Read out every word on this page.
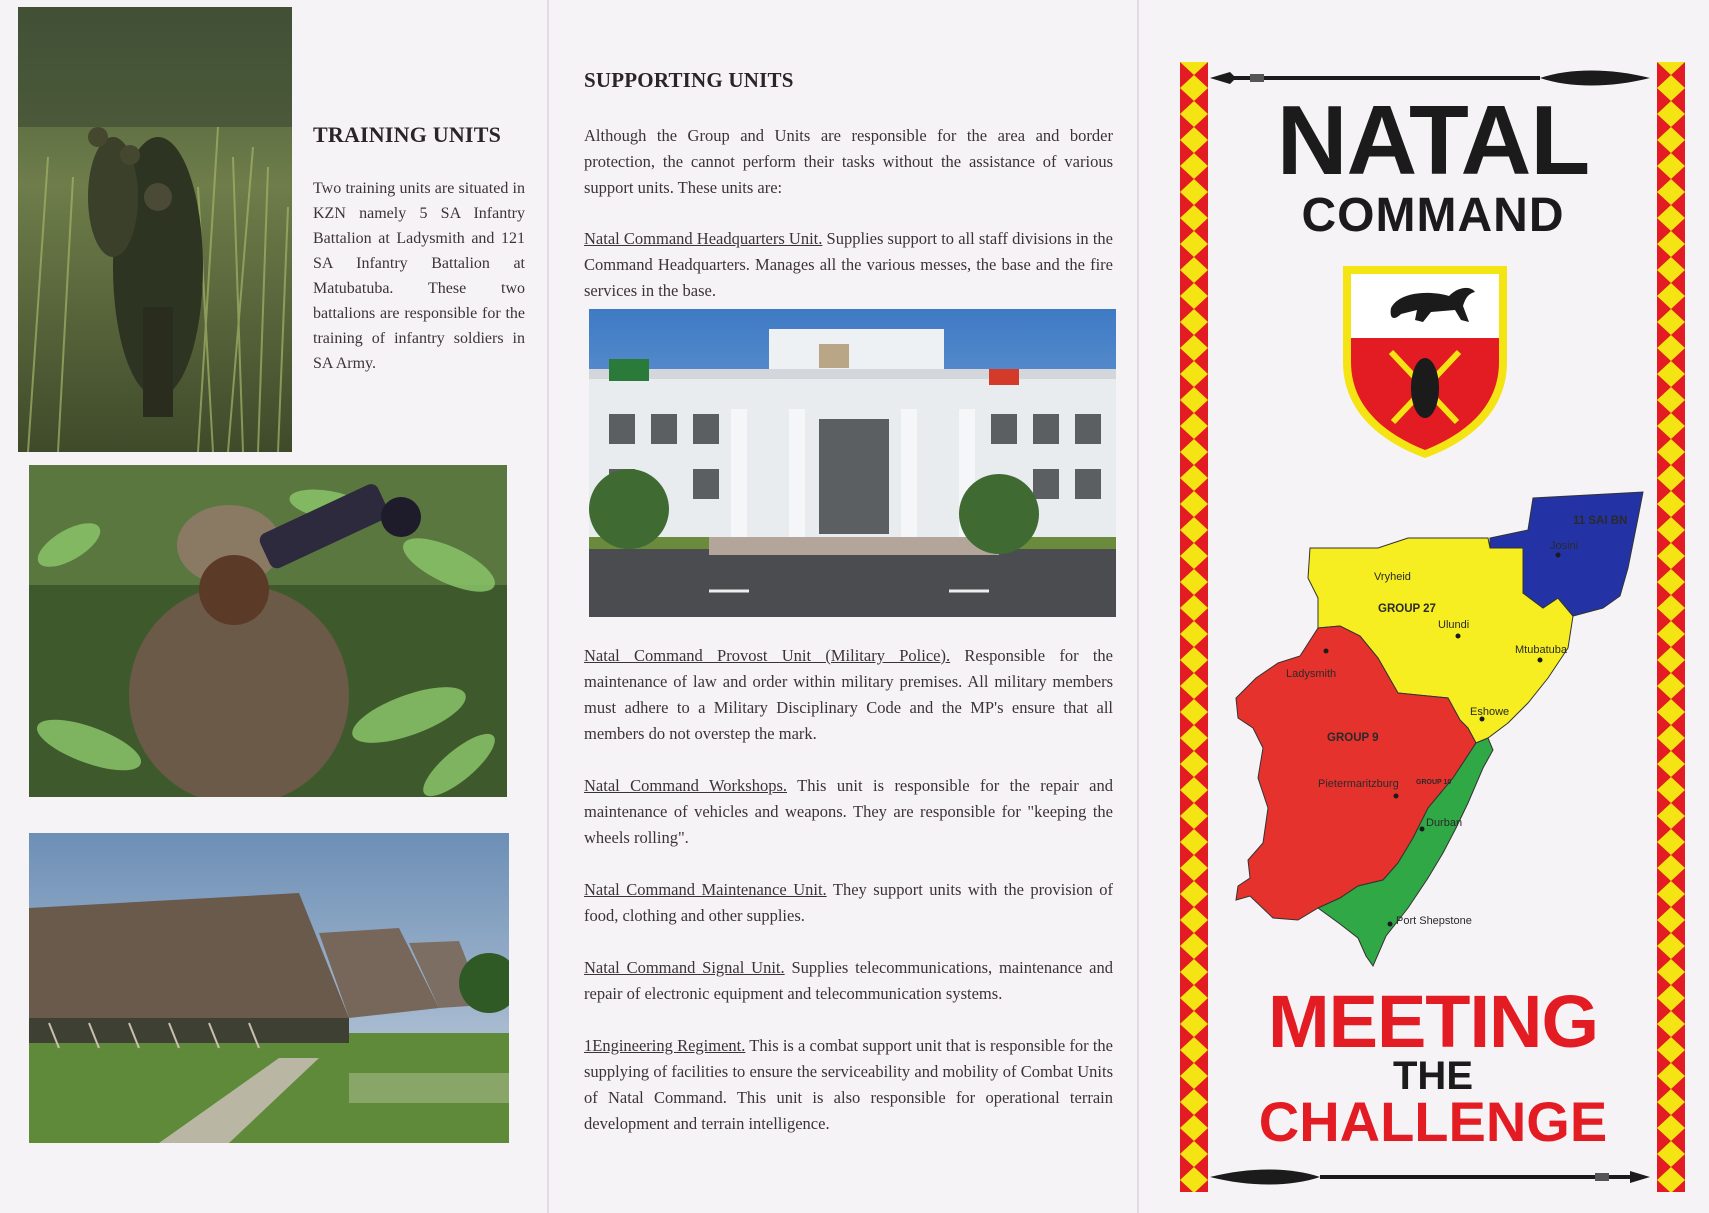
TRAINING UNITS
Two training units are situated in KZN namely 5 SA Infantry Battalion at Ladysmith and 121 SA Infantry Battalion at Matubatuba. These two battalions are responsible for the training of infantry soldiers in SA Army.
SUPPORTING UNITS
Although the Group and Units are responsible for the area and border protection, the cannot perform their tasks without the assistance of various support units. These units are:
Natal Command Headquarters Unit. Supplies support to all staff divisions in the Command Headquarters. Manages all the various messes, the base and the fire services in the base.

Natal Command Provost Unit (Military Police). Responsible for the maintenance of law and order within military premises. All military members must adhere to a Military Disciplinary Code and the MP's ensure that all members do not overstep the mark.

Natal Command Workshops. This unit is responsible for the repair and maintenance of vehicles and weapons. They are responsible for "keeping the wheels rolling".

Natal Command Maintenance Unit. They support units with the provision of food, clothing and other supplies.

Natal Command Signal Unit. Supplies telecommunications, maintenance and repair of electronic equipment and telecommunication systems.

1Engineering Regiment. This is a combat support unit that is responsible for the supplying of facilities to ensure the serviceability and mobility of Combat Units of Natal Command. This unit is also responsible for operational terrain development and terrain intelligence.

NATAL
COMMAND
11 SAI BN
GROUP 27
GROUP 9
GROUP 10
Josini
Vryheid
Ulundi
Mtubatuba
Ladysmith
Eshowe
Pietermaritzburg
Durban
Port Shepstone
MEETING
THE
CHALLENGE
